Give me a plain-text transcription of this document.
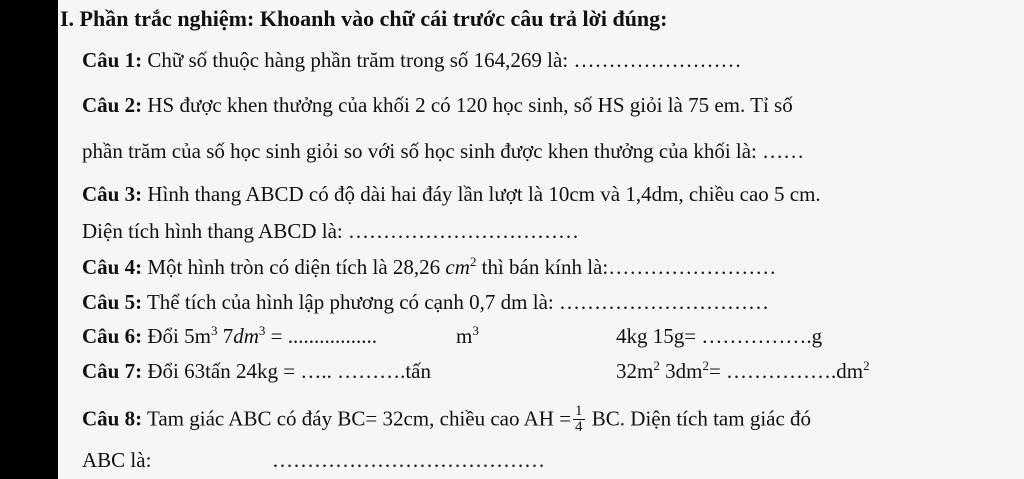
I. Phần trắc nghiệm: Khoanh vào chữ cái trước câu trả lời đúng:
Câu 1: Chữ số thuộc hàng phần trăm trong số 164,269 là: ……………………
Câu 2: HS được khen thưởng của khối 2 có 120 học sinh, số HS giỏi là 75 em. Tỉ số
phần trăm của số học sinh giỏi so với số học sinh được khen thưởng của khối là: ……
Câu 3: Hình thang ABCD có độ dài hai đáy lần lượt là 10cm và 1,4dm, chiều cao 5 cm.
Diện tích hình thang ABCD là: ……………………………
Câu 4: Một hình tròn có diện tích là 28,26 $cm^2$ thì bán kính là:……………………
Câu 5: Thể tích của hình lập phương có cạnh 0,7 dm là: …………………………
Câu 6: Đổi $5m^3$ $7dm^3$ = .................	$m^3$	4kg 15g= …………….g
Câu 7: Đổi 63tấn 24kg = ….. ……….tấn	$32m^2$ $3dm^2=$ $\dots\dots\dots\dots\dots.dm^2$
Câu 8: Tam giác ABC có đáy BC= 32cm, chiều cao AH = $\frac{1}{4}$ BC. Diện tích tam giác đó
ABC là:	…………………………………
